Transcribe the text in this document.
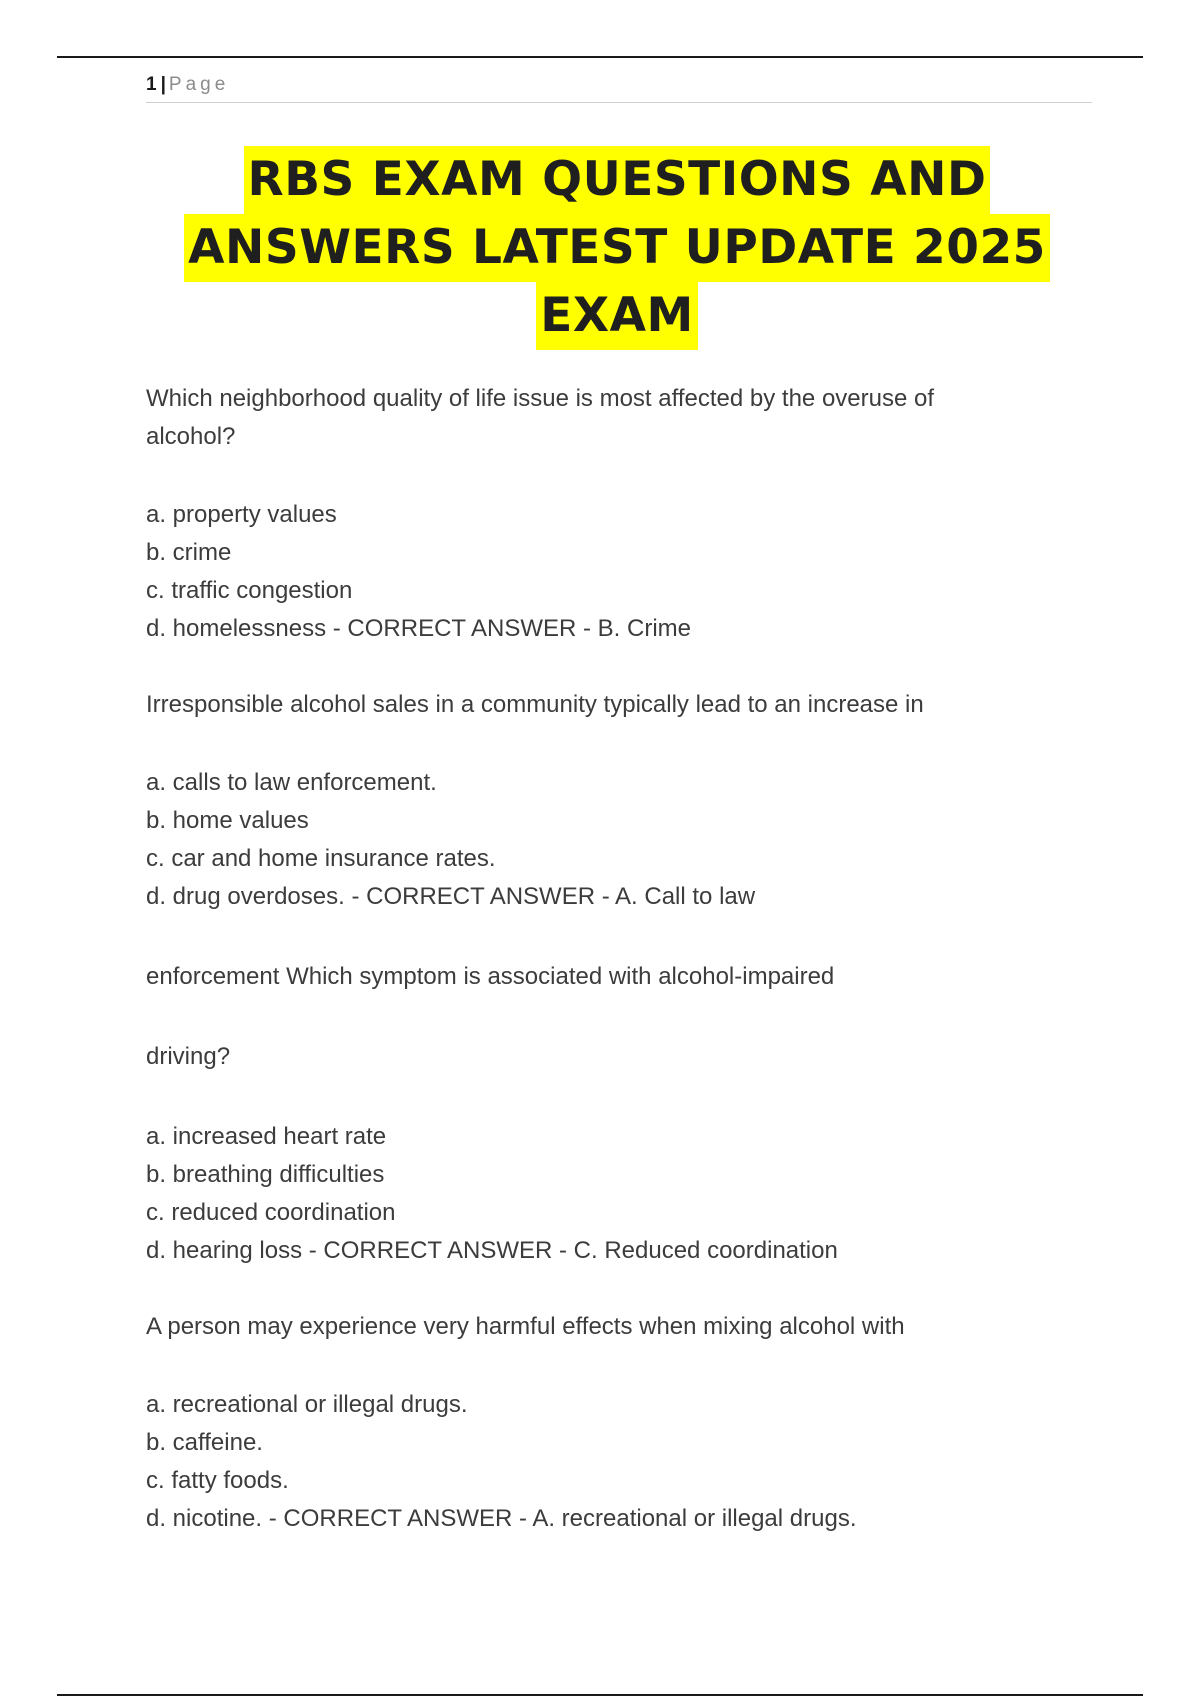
1 | Page
RBS EXAM QUESTIONS AND
ANSWERS LATEST UPDATE 2025
EXAM

Which neighborhood quality of life issue is most affected by the overuse of

alcohol?

a. property values

b. crime

c. traffic congestion

d. homelessness - CORRECT ANSWER - B. Crime

Irresponsible alcohol sales in a community typically lead to an increase in

a. calls to law enforcement.

b. home values

c. car and home insurance rates.

d. drug overdoses. - CORRECT ANSWER - A. Call to law

enforcement Which symptom is associated with alcohol-impaired

driving?

a. increased heart rate

b. breathing difficulties

c. reduced coordination

d. hearing loss - CORRECT ANSWER - C. Reduced coordination

A person may experience very harmful effects when mixing alcohol with

a. recreational or illegal drugs.

b. caffeine.

c. fatty foods.

d. nicotine. - CORRECT ANSWER - A. recreational or illegal drugs.
